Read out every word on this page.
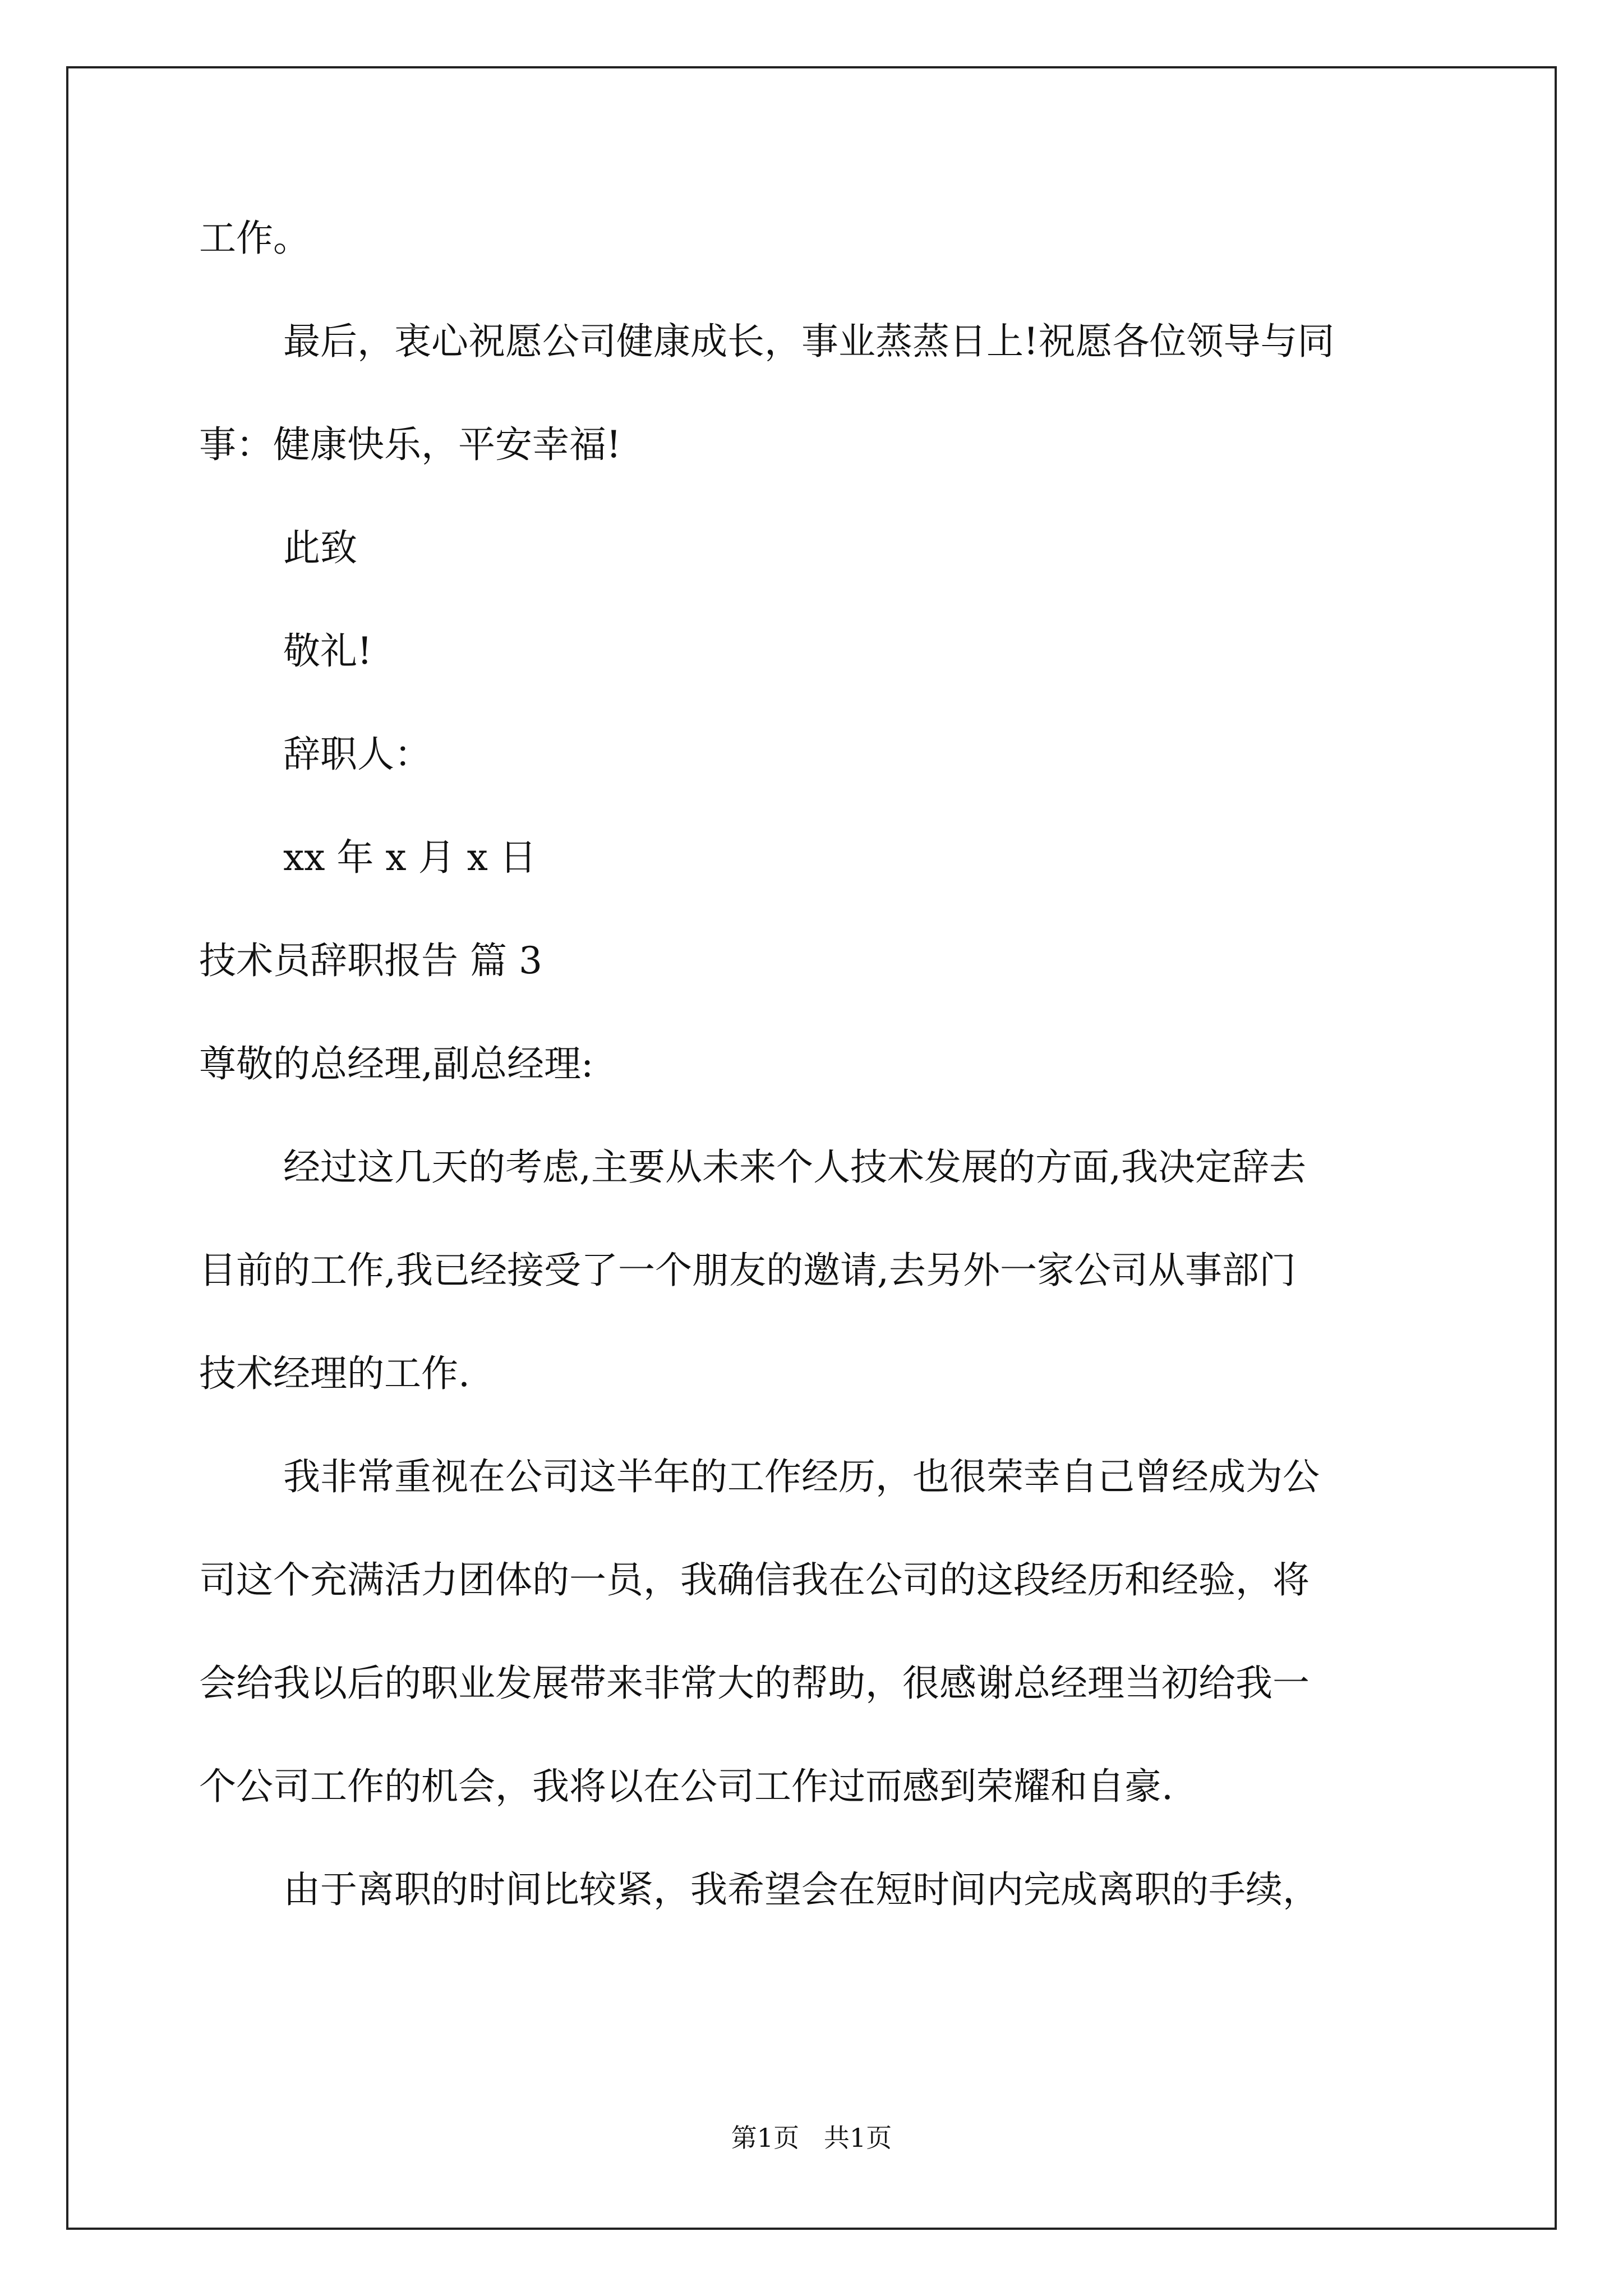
工作。

最后，衷心祝愿公司健康成长，事业蒸蒸日上!祝愿各位领导与同

事：健康快乐，平安幸福!

此致

敬礼!

辞职人：

xx 年 x 月 x 日

技术员辞职报告 篇 3

尊敬的总经理,副总经理:

经过这几天的考虑,主要从未来个人技术发展的方面,我决定辞去

目前的工作,我已经接受了一个朋友的邀请,去另外一家公司从事部门

技术经理的工作.

我非常重视在公司这半年的工作经历，也很荣幸自己曾经成为公

司这个充满活力团体的一员，我确信我在公司的这段经历和经验，将

会给我以后的职业发展带来非常大的帮助，很感谢总经理当初给我一

个公司工作的机会，我将以在公司工作过而感到荣耀和自豪.

由于离职的时间比较紧，我希望会在短时间内完成离职的手续，

第1页   共1页
